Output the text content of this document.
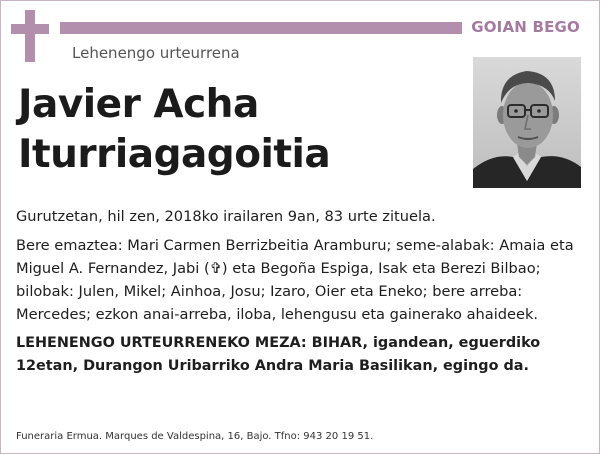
GOIAN BEGO
Lehenengo urteurrena
Javier Acha
Iturriagagoitia

Gurutzetan, hil zen, 2018ko irailaren 9an, 83 urte zituela.

Bere emaztea: Mari Carmen Berrizbeitia Aramburu; seme-alabak: Amaia eta Miguel A. Fernandez, Jabi (✞) eta Begoña Espiga, Isak eta Berezi Bilbao; bilobak: Julen, Mikel; Ainhoa, Josu; Izaro, Oier eta Eneko; bere arreba: Mercedes; ezkon anai-arreba, iloba, lehengusu eta gainerako ahaideek.

LEHENENGO URTEURRENEKO MEZA: BIHAR, igandean, eguerdiko 12etan, Durangon Uribarriko Andra Maria Basilikan, egingo da.

Funeraria Ermua. Marques de Valdespina, 16, Bajo. Tfno: 943 20 19 51.
